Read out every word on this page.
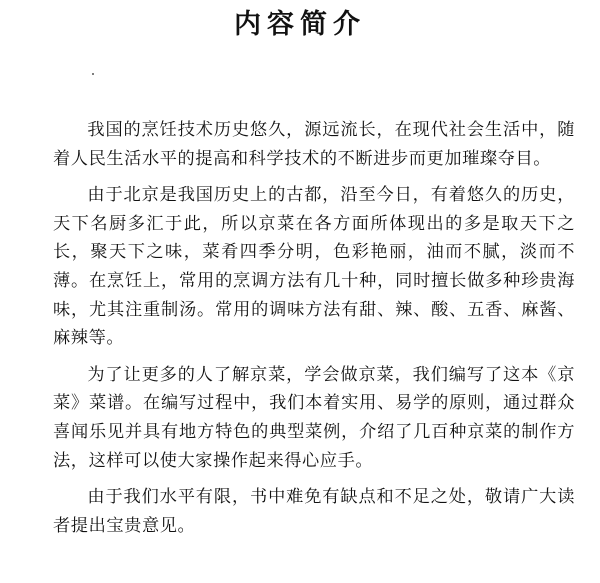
内容简介

我国的烹饪技术历史悠久，源远流长，在现代社会生活中，随着人民生活水平的提高和科学技术的不断进步而更加璀璨夺目。

由于北京是我国历史上的古都，沿至今日，有着悠久的历史，天下名厨多汇于此，所以京菜在各方面所体现出的多是取天下之长，聚天下之味，菜肴四季分明，色彩艳丽，油而不腻，淡而不薄。在烹饪上，常用的烹调方法有几十种，同时擅长做多种珍贵海味，尤其注重制汤。常用的调味方法有甜、辣、酸、五香、麻酱、麻辣等。

为了让更多的人了解京菜，学会做京菜，我们编写了这本《京菜》菜谱。在编写过程中，我们本着实用、易学的原则，通过群众喜闻乐见并具有地方特色的典型菜例，介绍了几百种京菜的制作方法，这样可以使大家操作起来得心应手。

由于我们水平有限，书中难免有缺点和不足之处，敬请广大读者提出宝贵意见。
